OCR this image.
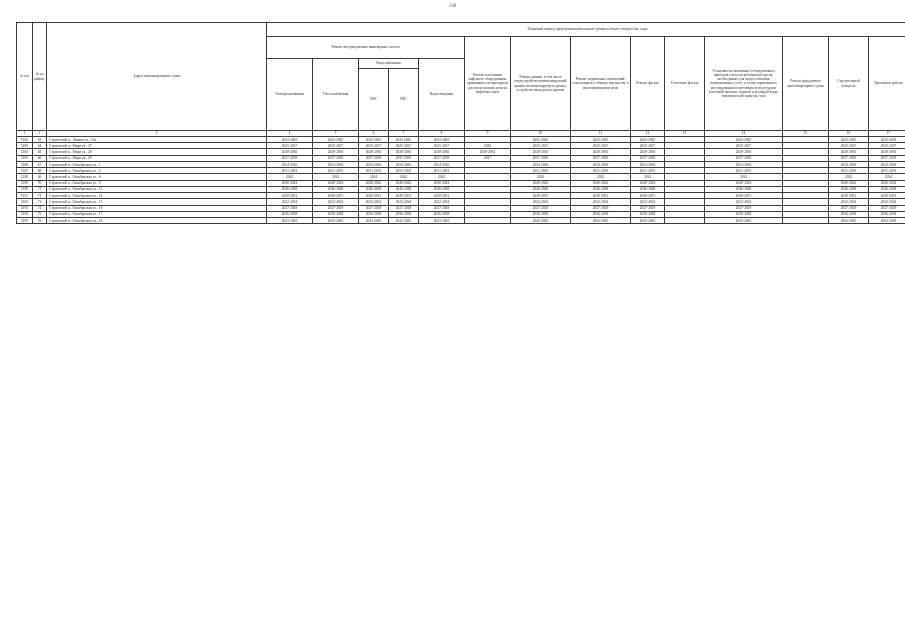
148
№ п/п	№ по району	Адрес многоквартирного дома	Плановый период проведения капитального ремонта общего имущества, годы													
			Ремонт внутридомовых инженерных систем					Ремонт или замена лифтового оборудования, признанного непригодным для эксплуатации, ремонт лифтовых шахт	Ремонт крыши, в том числе переустройство невентилируемой крыши на вентилируемую крышу, устройство выходов на кровлю	Ремонт подвальных помещений, относящихся к общему имуществу в многоквартирном доме	Ремонт фасада	Утепление фасада	Установка коллективных (общедомовых) приборов учета потребления ресурсов, необходимых для предоставления коммунальных услуг, и узлов управления и регулирования потребления этих ресурсов (тепловой энергии, горячей и холодной воды, электрической энергии, газа)	Ремонт фундамента многоквартирного дома	Строительный контроль	Проектные работы
			Электроснабжения	Теплоснабжения	Водоснабжения		Водоотведения									
					ХВС	ГВС										
1	2	3	4	5	6	7	8	9	10	11	12	13	14	15	16	17
5182	63	Строителей п., Ленина ул., 10а	2043-2045	2043-2045	2043-2045	2043-2045	2043-2045		2043-2045	2043-2045	2043-2045		2043-2045		2043-2045	2043-2045
5183	64	Строителей п., Мира ул., 27	2025-2027	2025-2027	2025-2027	2025-2027	2025-2027	2025	2025-2027	2025-2027	2025-2027		2025-2027		2025-2027	2025-2027
5184	65	Строителей п., Мира ул., 28	2028-2030	2028-2030	2028-2030	2028-2030	2028-2030	2028-2032	2028-2030	2028-2030	2028-2030		2028-2030		2028-2030	2028-2030
5185	66	Строителей п., Мира ул., 29	2037-2039	2037-2039	2037-2039	2037-2039	2037-2039	2037	2037-2039	2037-2039	2037-2039		2037-2039		2037-2039	2037-2039
5186	67	Строителей п., Октябрьская ул., 1	2034-2036	2034-2036	2034-2036	2034-2036	2034-2036		2034-2036	2034-2036	2034-2036		2034-2036		2034-2036	2034-2036
5187	68	Строителей п., Октябрьская ул., 4	2031-2033	2031-2033	2031-2033	2031-2033	2031-2033		2031-2033	2031-2033	2031-2033		2031-2033		2031-2033	2031-2033
5188	69	Строителей п., Октябрьская ул., 6	2024	2024	2024	2024	2024		2024	2024	2024		2024		2024	2024
5189	70	Строителей п., Октябрьская ул., 9	2040-2042	2040-2042	2040-2042	2040-2042	2040-2042		2040-2042	2040-2042	2040-2042		2040-2042		2040-2042	2040-2042
5190	71	Строителей п., Октябрьская ул., 13	2046-2048	2046-2048	2046-2048	2046-2048	2046-2048		2046-2048	2046-2048	2046-2048		2046-2048		2046-2048	2046-2048
5191	72	Строителей п., Октябрьская ул., 14	2049-2051	2049-2051	2049-2051	2049-2051	2049-2051		2049-2051	2049-2051	2049-2051		2049-2051		2049-2051	2049-2051
5192	73	Строителей п., Октябрьская ул., 15	2022-2024	2022-2024	2022-2024	2022-2024	2022-2024		2022-2024	2022-2024	2022-2024		2022-2024		2022-2024	2022-2024
5193	74	Строителей п., Октябрьская ул., 16	2027-2029	2027-2029	2027-2029	2027-2029	2027-2029		2027-2029	2027-2029	2027-2029		2027-2029		2027-2029	2027-2029
5194	75	Строителей п., Октябрьская ул., 17	2036-2038	2036-2038	2036-2038	2036-2038	2036-2038		2036-2038	2036-2038	2036-2038		2036-2038		2036-2038	2036-2038
5195	76	Строителей п., Октябрьская ул., 18	2043-2045	2043-2045	2043-2045	2043-2045	2043-2045		2043-2045	2043-2045	2043-2045		2043-2045		2043-2045	2043-2045
